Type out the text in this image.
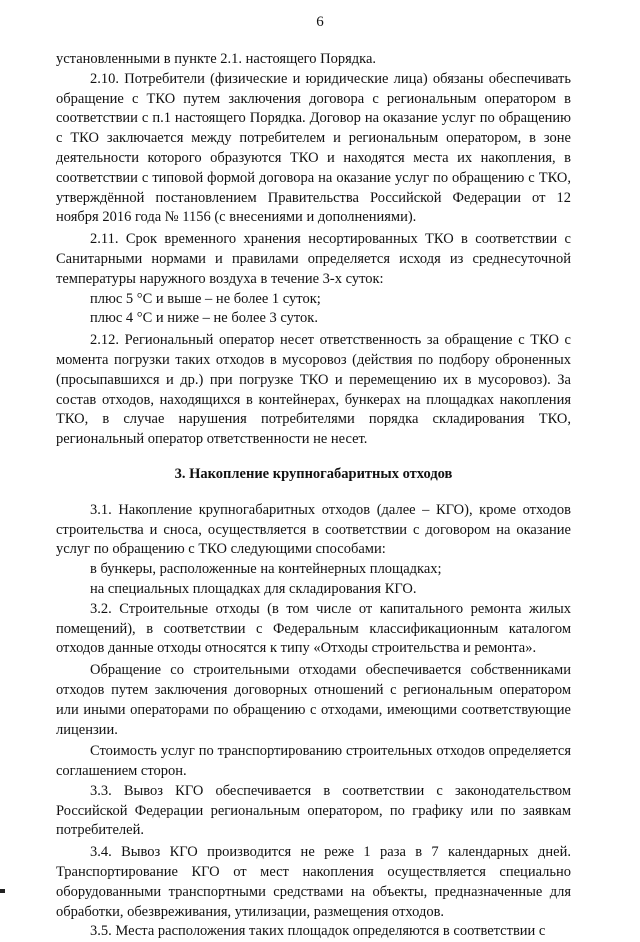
6

установленными в пункте 2.1. настоящего Порядка.

2.10. Потребители (физические и юридические лица) обязаны обеспечивать обращение с ТКО путем заключения договора с региональным оператором в соответствии с п.1 настоящего Порядка. Договор на оказание услуг по обращению с ТКО заключается между потребителем и региональным оператором, в зоне деятельности которого образуются ТКО и находятся места их накопления, в соответствии с типовой формой договора на оказание услуг по обращению с ТКО, утверждённой постановлением Правительства Российской Федерации от 12 ноября 2016 года № 1156 (с внесениями и дополнениями).

2.11. Срок временного хранения несортированных ТКО в соответствии с Санитарными нормами и правилами определяется исходя из среднесуточной температуры наружного воздуха в течение 3-х суток:

плюс 5 °С и выше – не более 1 суток;

плюс 4 °С и ниже – не более 3 суток.

2.12. Региональный оператор несет ответственность за обращение с ТКО с момента погрузки таких отходов в мусоровоз (действия по подбору оброненных (просыпавшихся и др.) при погрузке ТКО и перемещению их в мусоровоз). За состав отходов, находящихся в контейнерах, бункерах на площадках накопления ТКО, в случае нарушения потребителями порядка складирования ТКО, региональный оператор ответственности не несет.

3. Накопление крупногабаритных отходов

3.1. Накопление крупногабаритных отходов (далее – КГО), кроме отходов строительства и сноса, осуществляется в соответствии с договором на оказание услуг по обращению с ТКО следующими способами:

в бункеры, расположенные на контейнерных площадках;

на специальных площадках для складирования КГО.

3.2. Строительные отходы (в том числе от капитального ремонта жилых помещений), в соответствии с Федеральным классификационным каталогом отходов данные отходы относятся к типу «Отходы строительства и ремонта».

Обращение со строительными отходами обеспечивается собственниками отходов путем заключения договорных отношений с региональным оператором или иными операторами по обращению с отходами, имеющими соответствующие лицензии.

Стоимость услуг по транспортированию строительных отходов определяется соглашением сторон.

3.3. Вывоз КГО обеспечивается в соответствии с законодательством Российской Федерации региональным оператором, по графику или по заявкам потребителей.

3.4. Вывоз КГО производится не реже 1 раза в 7 календарных дней. Транспортирование КГО от мест накопления осуществляется специально оборудованными транспортными средствами на объекты, предназначенные для обработки, обезвреживания, утилизации, размещения отходов.

3.5. Места расположения таких площадок определяются в соответствии с
